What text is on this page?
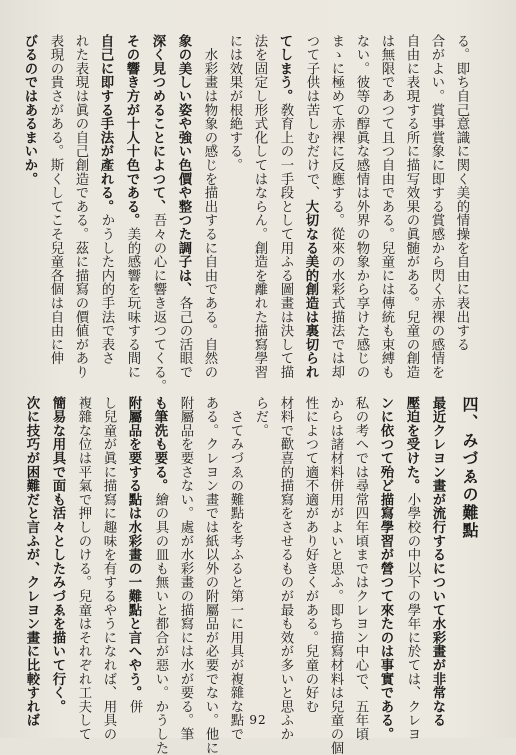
る。即ち自己意識に関く美的情操を自由に表出する
合がよい。賞事賞象に即する賞感から閃く赤裸の感情を
自由に表現する所に描写效果の眞髄がある。兒童の創造
は無限であつて且つ自由である。兒童には傳統も束縛も
ない。彼等の醇眞な感情は外界の物象から享けた感じの
まゝに極めて赤裸に反應する。從來の水彩式描法では却
つて子供は苦しむだけで、大切なる美的創造は裏切られ
てしまう。敎育上の一手段として用ふる圖畫は決して描
法を固定し形式化してはならん。創造を離れた描寫學習
には效果が根絶する。
　水彩畫は物象の感じを描出するに自由である。自然の
象の美しい姿や強い色價や整つた調子は、各己の活眼で
深く見つめることによつて、吾々の心に響き返つてくる。
その響き方が十人十色である。美的感響を玩味する間に
自己に即する手法が產れる。かうした内的手法で表さ
れた表現は眞の自己創造である。茲に描寫の價値があり
表現の貴さがある。斯くしてこそ兒童各個は自由に伸
びるのではあるまいか。
四、みづゑの難點
最近クレヨン畫が流行するについて水彩畫が非常なる
壓迫を受けた。小學校の中以下の學年に於ては、クレヨ
ンに依つて殆ど描寫學習が營つて來たのは事實である。
私の考へでは尋常四年頃まではクレヨン中心で、五年頃
からは諸材料併用がよいと思ふ。即ち描寫材料は兒童の個
性によつて適不適があり好きくがある。兒童の好む
材料で歡喜的描寫をさせるものが最も效が多いと思ふか
らだ。
　さてみづゑの難點を考ふると第一に用具が複雜な點で
ある。クレヨン畫では紙以外の附屬品が必要でない。他に
附屬品を要さない。處が水彩畫の描寫には水が要る。筆
も筆洗も要る。繪の具の皿も無いと都合が惡い。かうした
附屬品を要する點は水彩畫の一難點と言へやう。併
し兒童が眞に描寫に趣味を有するやうになれば、用具の
複雜な位は平氣で押しのける。兒童はそれぞれ工夫して
簡易な用具で面も活々としたみづゑを描いて行く。
次に技巧が困難だと言ふが、クレヨン畫に比較すれば	92
